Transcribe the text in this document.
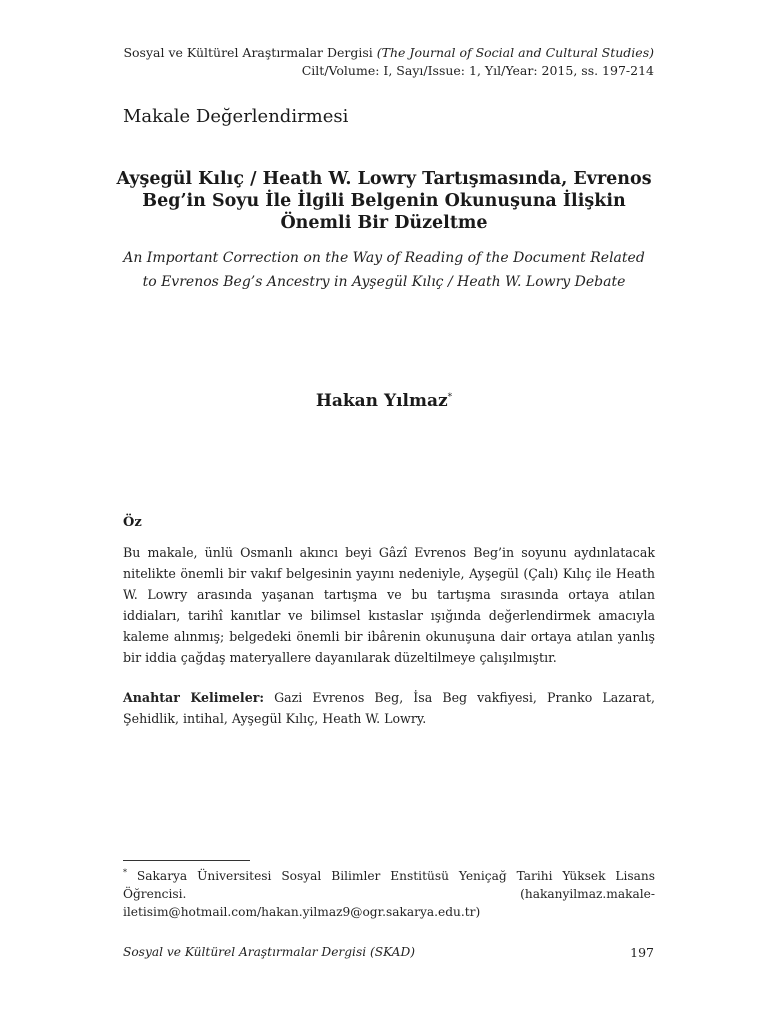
Sosyal ve Kültürel Araştırmalar Dergisi (The Journal of Social and Cultural Studies)
Cilt/Volume: I, Sayı/Issue: 1, Yıl/Year: 2015, ss. 197-214
Makale Değerlendirmesi
Ayşegül Kılıç / Heath W. Lowry Tartışmasında, Evrenos Beg’in Soyu İle İlgili Belgenin Okunuşuna İlişkin Önemli Bir Düzeltme
An Important Correction on the Way of Reading of the Document Related to Evrenos Beg’s Ancestry in Ayşegül Kılıç / Heath W. Lowry Debate
Hakan Yılmaz*
Öz

Bu makale, ünlü Osmanlı akıncı beyi Gâzî Evrenos Beg’in soyunu aydınlatacak nitelikte önemli bir vakıf belgesinin yayını nedeniyle, Ayşegül (Çalı) Kılıç ile Heath W. Lowry arasında yaşanan tartışma ve bu tartışma sırasında ortaya atılan iddiaları, tarihî kanıtlar ve bilimsel kıstaslar ışığında değerlendirmek amacıyla kaleme alınmış; belgedeki önemli bir ibârenin okunuşuna dair ortaya atılan yanlış bir iddia çağdaş materyallere dayanılarak düzeltilmeye çalışılmıştır.

Anahtar Kelimeler: Gazi Evrenos Beg, İsa Beg vakfiyesi, Pranko Lazarat, Şehidlik, intihal, Ayşegül Kılıç, Heath W. Lowry.

* Sakarya Üniversitesi Sosyal Bilimler Enstitüsü Yeniçağ Tarihi Yüksek Lisans Öğrencisi. (hakanyilmaz.makale-iletisim@hotmail.com/hakan.yilmaz9@ogr.sakarya.edu.tr)

Sosyal ve Kültürel Araştırmalar Dergisi (SKAD)	197
